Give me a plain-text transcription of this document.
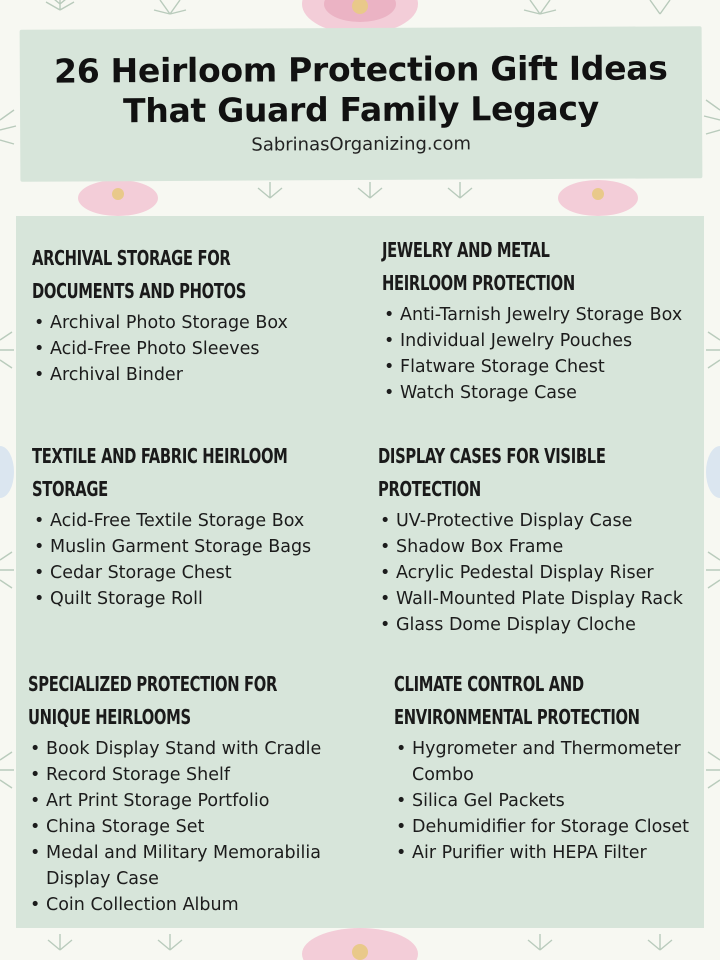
26 Heirloom Protection Gift Ideas
That Guard Family Legacy
SabrinasOrganizing.com
ARCHIVAL STORAGE FOR
DOCUMENTS AND PHOTOS
• Archival Photo Storage Box
• Acid-Free Photo Sleeves
• Archival Binder
JEWELRY AND METAL
HEIRLOOM PROTECTION
• Anti-Tarnish Jewelry Storage Box
• Individual Jewelry Pouches
• Flatware Storage Chest
• Watch Storage Case
TEXTILE AND FABRIC HEIRLOOM
STORAGE
• Acid-Free Textile Storage Box
• Muslin Garment Storage Bags
• Cedar Storage Chest
• Quilt Storage Roll
DISPLAY CASES FOR VISIBLE
PROTECTION
• UV-Protective Display Case
• Shadow Box Frame
• Acrylic Pedestal Display Riser
• Wall-Mounted Plate Display Rack
• Glass Dome Display Cloche
SPECIALIZED PROTECTION FOR
UNIQUE HEIRLOOMS
• Book Display Stand with Cradle
• Record Storage Shelf
• Art Print Storage Portfolio
• China Storage Set
• Medal and Military Memorabilia Display Case
• Coin Collection Album
CLIMATE CONTROL AND
ENVIRONMENTAL PROTECTION
• Hygrometer and Thermometer Combo
• Silica Gel Packets
• Dehumidifier for Storage Closet
• Air Purifier with HEPA Filter
